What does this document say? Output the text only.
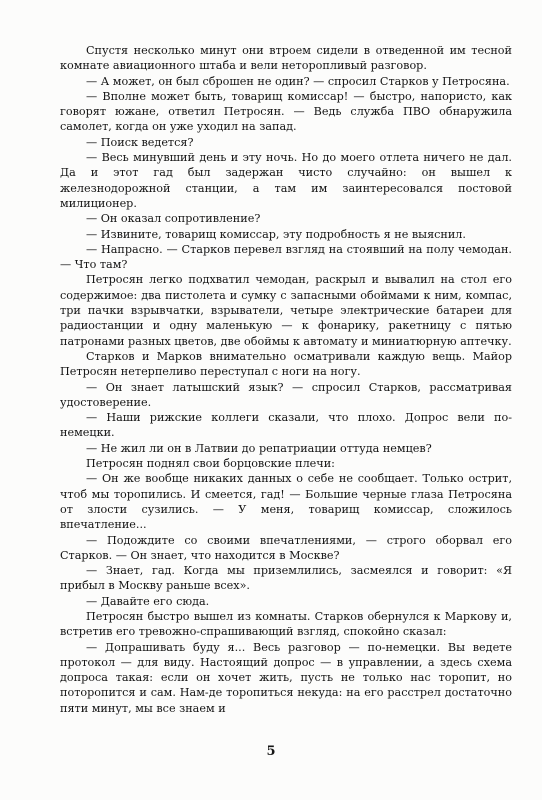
Спустя несколько минут они втроем сидели в отведенной им тесной комнате авиационного штаба и вели неторопливый разговор.

— А может, он был сброшен не один? — спросил Старков у Петросяна.

— Вполне может быть, товарищ комиссар! — быстро, напористо, как говорят южане, ответил Петросян. — Ведь служба ПВО обнаружила самолет, когда он уже уходил на запад.

— Поиск ведется?

— Весь минувший день и эту ночь. Но до моего отлета ничего не дал. Да и этот гад был задержан чисто случайно: он вышел к железнодорожной станции, а там им заинтересовался постовой милиционер.

— Он оказал сопротивление?

— Извините, товарищ комиссар, эту подробность я не выяснил.

— Напрасно. — Старков перевел взгляд на стоявший на полу чемодан. — Что там?

Петросян легко подхватил чемодан, раскрыл и вывалил на стол его содержимое: два пистолета и сумку с запасными обоймами к ним, компас, три пачки взрывчатки, взрыватели, четыре электрические батареи для радиостанции и одну маленькую — к фонарику, ракетницу с пятью патронами разных цветов, две обоймы к автомату и миниатюрную аптечку.

Старков и Марков внимательно осматривали каждую вещь. Майор Петросян нетерпеливо переступал с ноги на ногу.

— Он знает латышский язык? — спросил Старков, рассматривая удостоверение.

— Наши рижские коллеги сказали, что плохо. Допрос вели по-немецки.

— Не жил ли он в Латвии до репатриации оттуда немцев?

Петросян поднял свои борцовские плечи:

— Он же вообще никаких данных о себе не сообщает. Только острит, чтоб мы торопились. И смеется, гад! — Большие черные глаза Петросяна от злости сузились. — У меня, товарищ комиссар, сложилось впечатление...

— Подождите со своими впечатлениями, — строго оборвал его Старков. — Он знает, что находится в Москве?

— Знает, гад. Когда мы приземлились, засмеялся и говорит: «Я прибыл в Москву раньше всех».

— Давайте его сюда.

Петросян быстро вышел из комнаты. Старков обернулся к Маркову и, встретив его тревожно-спрашивающий взгляд, спокойно сказал:

— Допрашивать буду я... Весь разговор — по-немецки. Вы ведете протокол — для виду. Настоящий допрос — в управлении, а здесь схема допроса такая: если он хочет жить, пусть не только нас торопит, но поторопится и сам. Нам-де торопиться некуда: на его расстрел достаточно пяти минут, мы все знаем и

5
